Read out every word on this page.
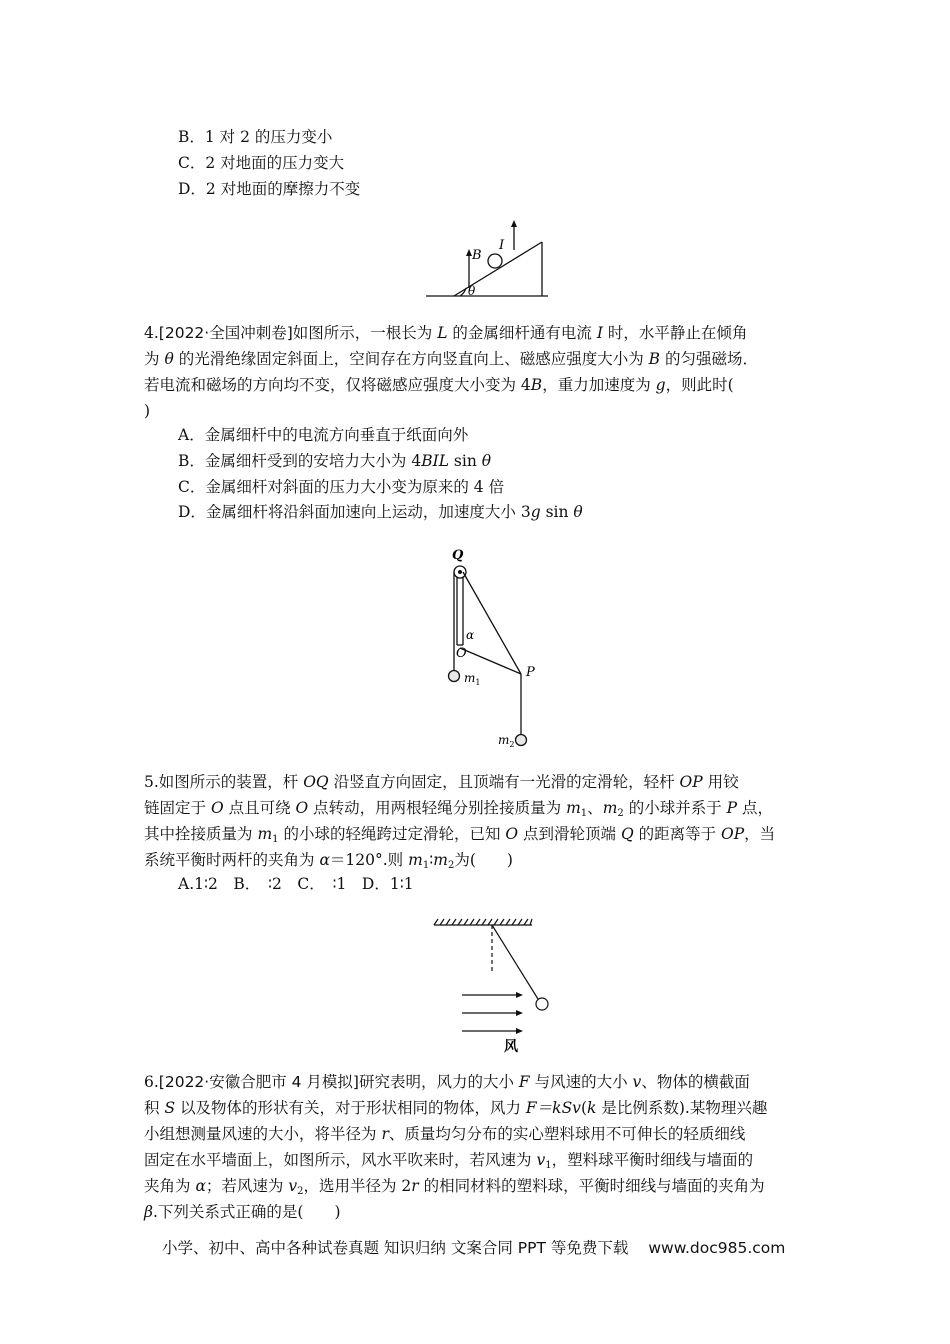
B．1 对 2 的压力变小
C．2 对地面的压力变大
D．2 对地面的摩擦力不变
B
I
θ
4.[2022·全国冲刺卷]如图所示，一根长为 L 的金属细杆通有电流 I 时，水平静止在倾角
为 θ 的光滑绝缘固定斜面上，空间存在方向竖直向上、磁感应强度大小为 B 的匀强磁场．
若电流和磁场的方向均不变，仅将磁感应强度大小变为 4B，重力加速度为 g，则此时(
)
A．金属细杆中的电流方向垂直于纸面向外
B．金属细杆受到的安培力大小为 4BIL sin θ
C．金属细杆对斜面的压力大小变为原来的 4 倍
D．金属细杆将沿斜面加速向上运动，加速度大小 3g sin θ
Q
α
O
P
$m_1$
$m_2$
5.如图所示的装置，杆 OQ 沿竖直方向固定，且顶端有一光滑的定滑轮，轻杆 OP 用铰
链固定于 O 点且可绕 O 点转动，用两根轻绳分别拴接质量为 $m_1$、$m_2$ 的小球并系于 P 点，
其中拴接质量为 $m_1$ 的小球的轻绳跨过定滑轮，已知 O 点到滑轮顶端 Q 的距离等于 OP，当
系统平衡时两杆的夹角为 α＝120°.则 $m_1∶m_2$为(　　)
A.1∶2　B．　∶2　C．　∶1　D．1∶1
风
6.[2022·安徽合肥市 4 月模拟]研究表明，风力的大小 F 与风速的大小 v、物体的横截面
积 S 以及物体的形状有关，对于形状相同的物体，风力 F＝kSv(k 是比例系数).某物理兴趣
小组想测量风速的大小，将半径为 r、质量均匀分布的实心塑料球用不可伸长的轻质细线
固定在水平墙面上，如图所示，风水平吹来时，若风速为 $v_1$，塑料球平衡时细线与墙面的
夹角为 α；若风速为 $v_2$，选用半径为 2r 的相同材料的塑料球，平衡时细线与墙面的夹角为
β.下列关系式正确的是(　　)
小学、初中、高中各种试卷真题 知识归纳 文案合同 PPT 等免费下载 www.doc985.com
